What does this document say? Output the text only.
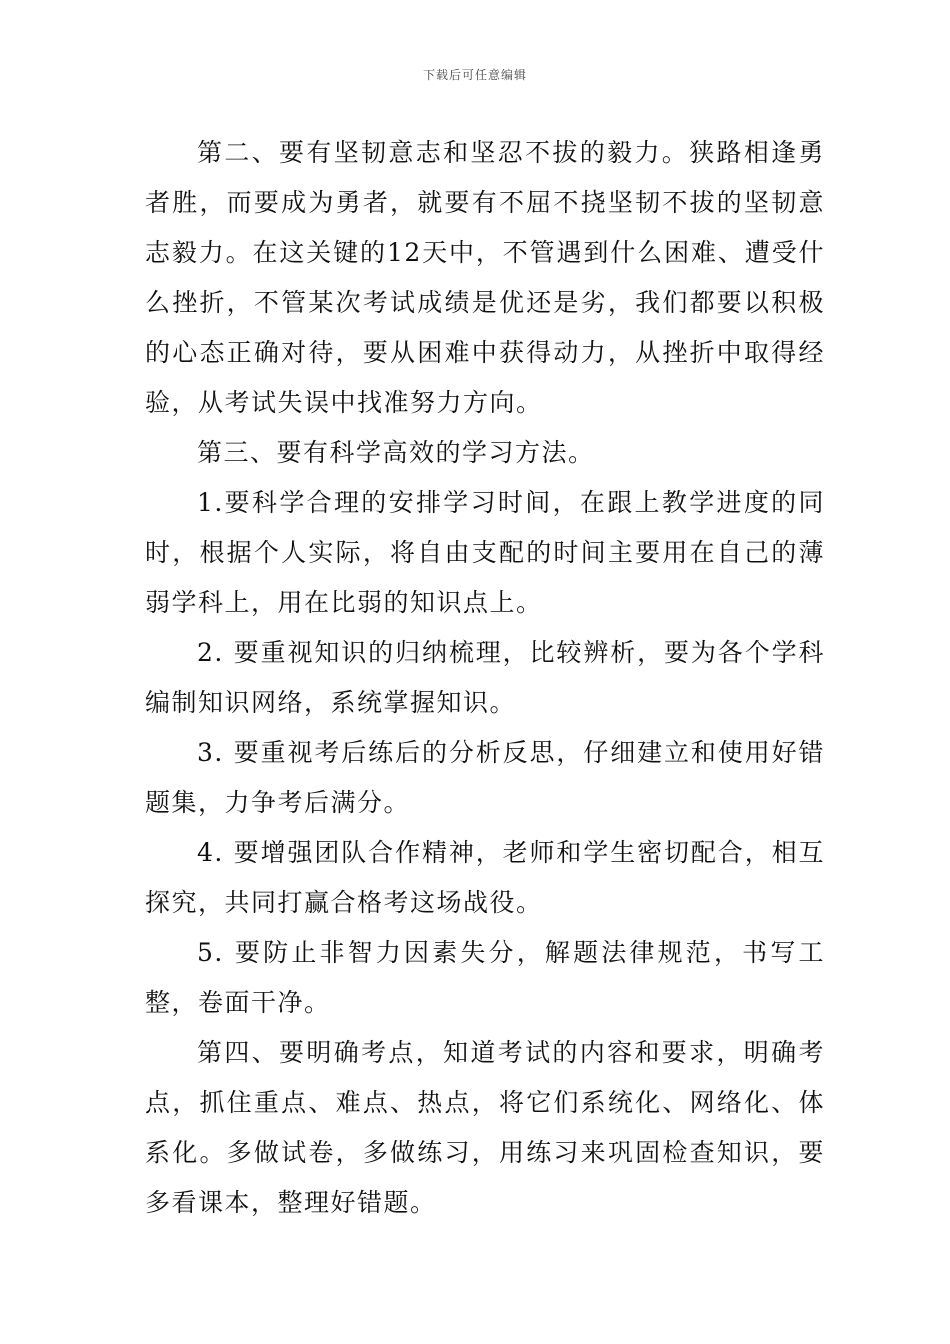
下载后可任意编辑

第二、要有坚韧意志和坚忍不拔的毅力。狭路相逢勇者胜，而要成为勇者，就要有不屈不挠坚韧不拔的坚韧意志毅力。在这关键的12天中，不管遇到什么困难、遭受什么挫折，不管某次考试成绩是优还是劣，我们都要以积极的心态正确对待，要从困难中获得动力，从挫折中取得经验，从考试失误中找准努力方向。

第三、要有科学高效的学习方法。

1.要科学合理的安排学习时间，在跟上教学进度的同时，根据个人实际，将自由支配的时间主要用在自己的薄弱学科上，用在比弱的知识点上。

2. 要重视知识的归纳梳理，比较辨析，要为各个学科编制知识网络，系统掌握知识。

3. 要重视考后练后的分析反思，仔细建立和使用好错题集，力争考后满分。

4. 要增强团队合作精神，老师和学生密切配合，相互探究，共同打赢合格考这场战役。

5. 要防止非智力因素失分，解题法律规范，书写工整，卷面干净。

第四、要明确考点，知道考试的内容和要求，明确考点，抓住重点、难点、热点，将它们系统化、网络化、体系化。多做试卷，多做练习，用练习来巩固检查知识，要多看课本，整理好错题。
